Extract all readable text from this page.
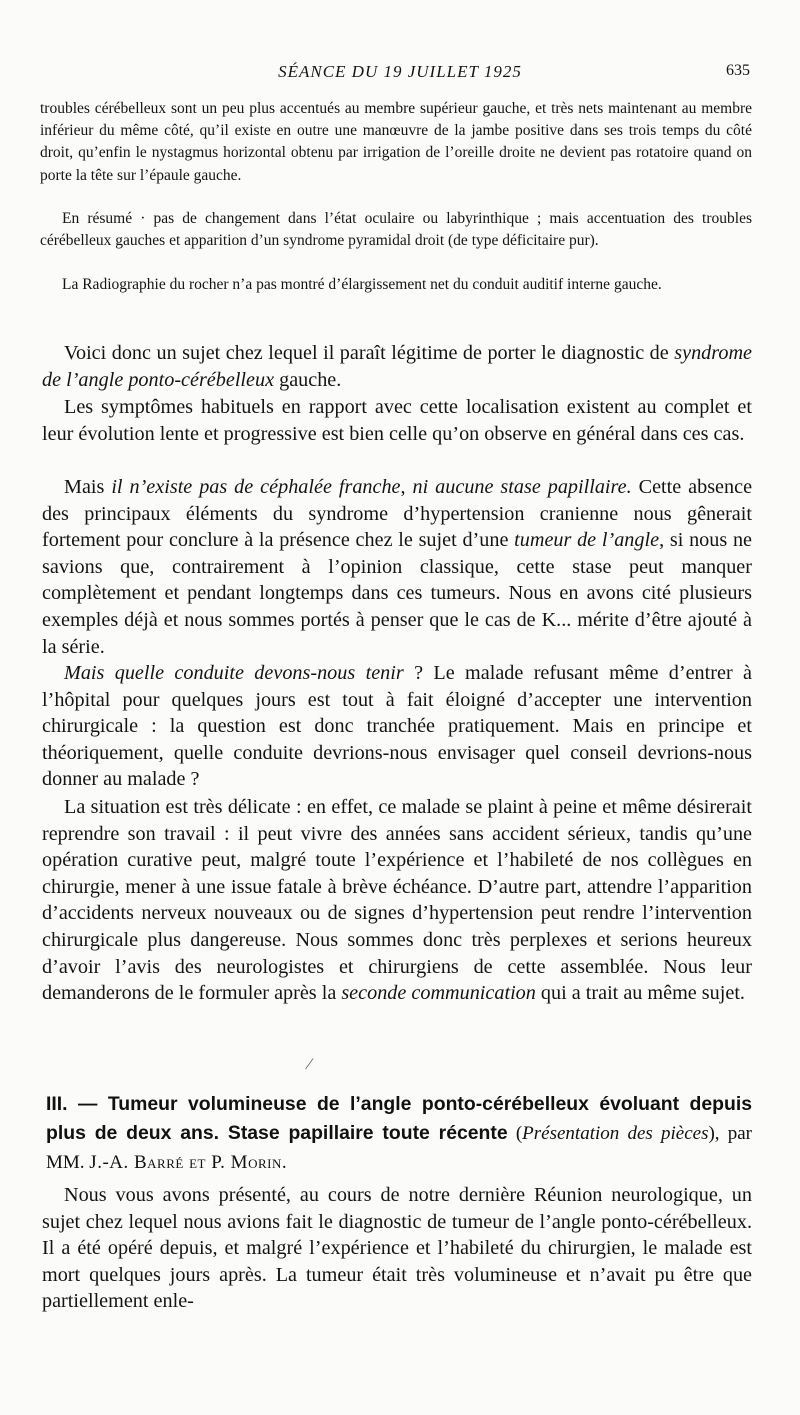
SÉANCE DU 19 JUILLET 1925	635

troubles cérébelleux sont un peu plus accentués au membre supérieur gauche, et très nets maintenant au membre inférieur du même côté, qu’il existe en outre une manœuvre de la jambe positive dans ses trois temps du côté droit, qu’enfin le nystagmus horizontal obtenu par irrigation de l’oreille droite ne devient pas rotatoire quand on porte la tête sur l’épaule gauche.

En résumé · pas de changement dans l’état oculaire ou labyrinthique ; mais accentuation des troubles cérébelleux gauches et apparition d’un syndrome pyramidal droit (de type déficitaire pur).

La Radiographie du rocher n’a pas montré d’élargissement net du conduit auditif interne gauche.

Voici donc un sujet chez lequel il paraît légitime de porter le diagnostic de syndrome de l’angle ponto-cérébelleux gauche.

Les symptômes habituels en rapport avec cette localisation existent au complet et leur évolution lente et progressive est bien celle qu’on observe en général dans ces cas.

Mais il n’existe pas de céphalée franche, ni aucune stase papillaire. Cette absence des principaux éléments du syndrome d’hypertension cranienne nous gênerait fortement pour conclure à la présence chez le sujet d’une tumeur de l’angle, si nous ne savions que, contrairement à l’opinion classique, cette stase peut manquer complètement et pendant longtemps dans ces tumeurs. Nous en avons cité plusieurs exemples déjà et nous sommes portés à penser que le cas de K... mérite d’être ajouté à la série.

Mais quelle conduite devons-nous tenir ? Le malade refusant même d’entrer à l’hôpital pour quelques jours est tout à fait éloigné d’accepter une intervention chirurgicale : la question est donc tranchée pratiquement. Mais en principe et théoriquement, quelle conduite devrions-nous envisager quel conseil devrions-nous donner au malade ?

La situation est très délicate : en effet, ce malade se plaint à peine et même désirerait reprendre son travail : il peut vivre des années sans accident sérieux, tandis qu’une opération curative peut, malgré toute l’expérience et l’habileté de nos collègues en chirurgie, mener à une issue fatale à brève échéance. D’autre part, attendre l’apparition d’accidents nerveux nouveaux ou de signes d’hypertension peut rendre l’intervention chirurgicale plus dangereuse. Nous sommes donc très perplexes et serions heureux d’avoir l’avis des neurologistes et chirurgiens de cette assemblée. Nous leur demanderons de le formuler après la seconde communication qui a trait au même sujet.

⁄

III. — Tumeur volumineuse de l’angle ponto-cérébelleux évoluant depuis plus de deux ans. Stase papillaire toute récente (Présentation des pièces), par MM. J.-A. Barré et P. Morin.

Nous vous avons présenté, au cours de notre dernière Réunion neurologique, un sujet chez lequel nous avions fait le diagnostic de tumeur de l’angle ponto-cérébelleux. Il a été opéré depuis, et malgré l’expérience et l’habileté du chirurgien, le malade est mort quelques jours après. La tumeur était très volumineuse et n’avait pu être que partiellement enle-
